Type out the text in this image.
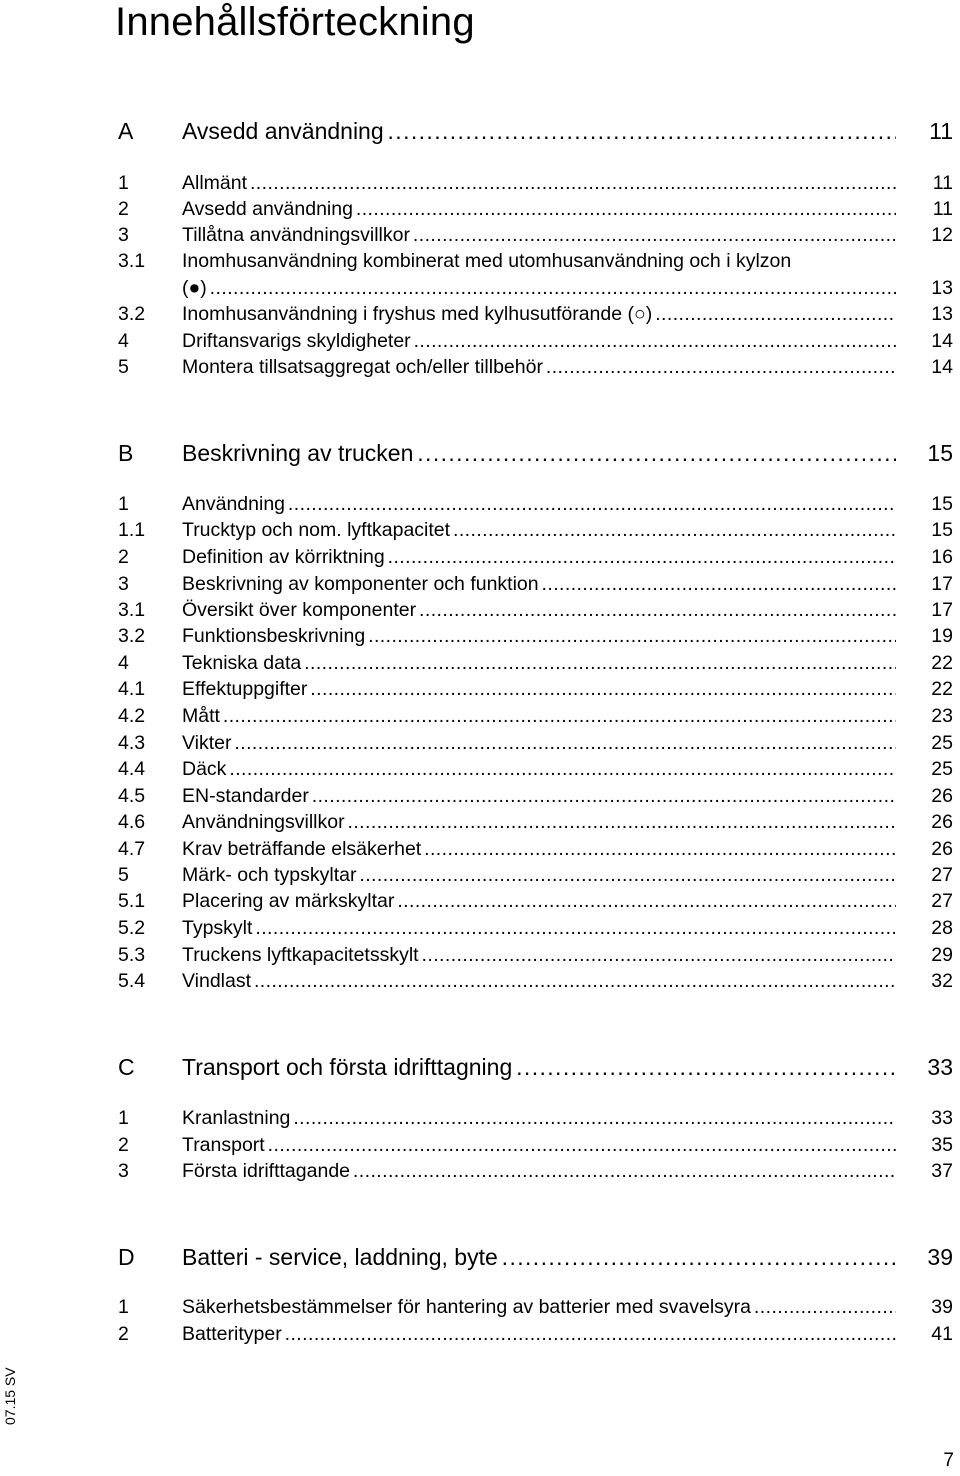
Innehållsförteckning
A Avsedd användning . . .	11
1	Allmänt . . .	11
2	Avsedd användning . . .	11
3	Tillåtna användningsvillkor . . .	12
3.1 Inomhusanvändning kombinerat med utomhusanvändning och i kylzon
(●) . . .	13
3.2 Inomhusanvändning i fryshus med kylhusutförande (○) . . .	13
4	Driftansvarigs skyldigheter . . .	14
5	Montera tillsatsaggregat och/eller tillbehör . . .	14
B Beskrivning av trucken . . .	15
1	Användning . . .	15
1.1 Trucktyp och nom. lyftkapacitet . . .	15
2	Definition av körriktning . . .	16
3	Beskrivning av komponenter och funktion . . .	17
3.1 Översikt över komponenter . . .	17
3.2 Funktionsbeskrivning . . .	19
4	Tekniska data . . .	22
4.1 Effektuppgifter . . .	22
4.2 Mått . . .	23
4.3 Vikter . . .	25
4.4 Däck . . .	25
4.5 EN-standarder . . .	26
4.6 Användningsvillkor . . .	26
4.7 Krav beträffande elsäkerhet . . .	26
5	Märk- och typskyltar . . .	27
5.1 Placering av märkskyltar . . .	27
5.2 Typskylt . . .	28
5.3 Truckens lyftkapacitetsskylt . . .	29
5.4 Vindlast . . .	32
C Transport och första idrifttagning . . .	33
1	Kranlastning . . .	33
2	Transport . . .	35
3	Första idrifttagande . . .	37
D Batteri - service, laddning, byte . . .	39
1	Säkerhetsbestämmelser för hantering av batterier med svavelsyra . . .	39
2	Batterityper . . .	41
07.15 SV
7
